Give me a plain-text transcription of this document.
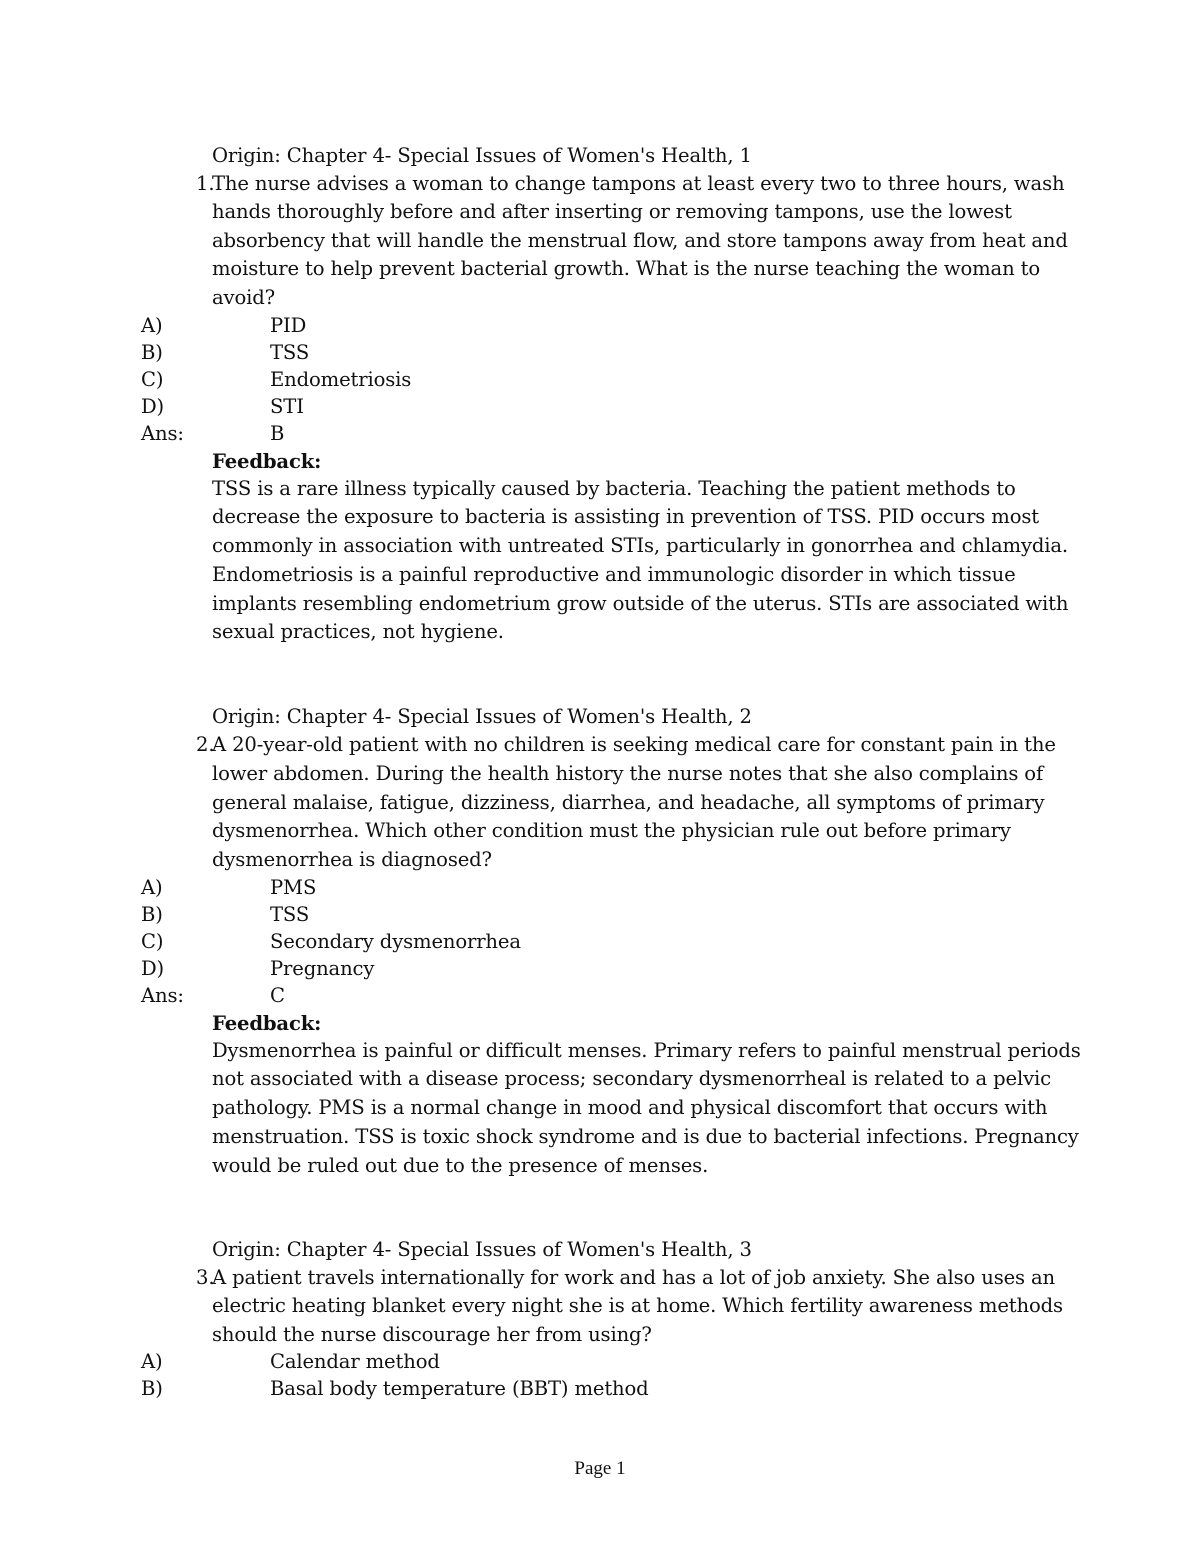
Origin: Chapter 4- Special Issues of Women's Health, 1
1.
The nurse advises a woman to change tampons at least every two to three hours, wash
hands thoroughly before and after inserting or removing tampons, use the lowest
absorbency that will handle the menstrual flow, and store tampons away from heat and
moisture to help prevent bacterial growth. What is the nurse teaching the woman to
avoid?
A)	PID
B)	TSS
C)	Endometriosis
D)	STI
Ans:	B
Feedback:
TSS is a rare illness typically caused by bacteria. Teaching the patient methods to
decrease the exposure to bacteria is assisting in prevention of TSS. PID occurs most
commonly in association with untreated STIs, particularly in gonorrhea and chlamydia.
Endometriosis is a painful reproductive and immunologic disorder in which tissue
implants resembling endometrium grow outside of the uterus. STIs are associated with
sexual practices, not hygiene.
Origin: Chapter 4- Special Issues of Women's Health, 2
2.
A 20-year-old patient with no children is seeking medical care for constant pain in the
lower abdomen. During the health history the nurse notes that she also complains of
general malaise, fatigue, dizziness, diarrhea, and headache, all symptoms of primary
dysmenorrhea. Which other condition must the physician rule out before primary
dysmenorrhea is diagnosed?
A)	PMS
B)	TSS
C)	Secondary dysmenorrhea
D)	Pregnancy
Ans:	C
Feedback:
Dysmenorrhea is painful or difficult menses. Primary refers to painful menstrual periods
not associated with a disease process; secondary dysmenorrheal is related to a pelvic
pathology. PMS is a normal change in mood and physical discomfort that occurs with
menstruation. TSS is toxic shock syndrome and is due to bacterial infections. Pregnancy
would be ruled out due to the presence of menses.
Origin: Chapter 4- Special Issues of Women's Health, 3
3.
A patient travels internationally for work and has a lot of job anxiety. She also uses an
electric heating blanket every night she is at home. Which fertility awareness methods
should the nurse discourage her from using?
A)	Calendar method
B)	Basal body temperature (BBT) method
Page 1
